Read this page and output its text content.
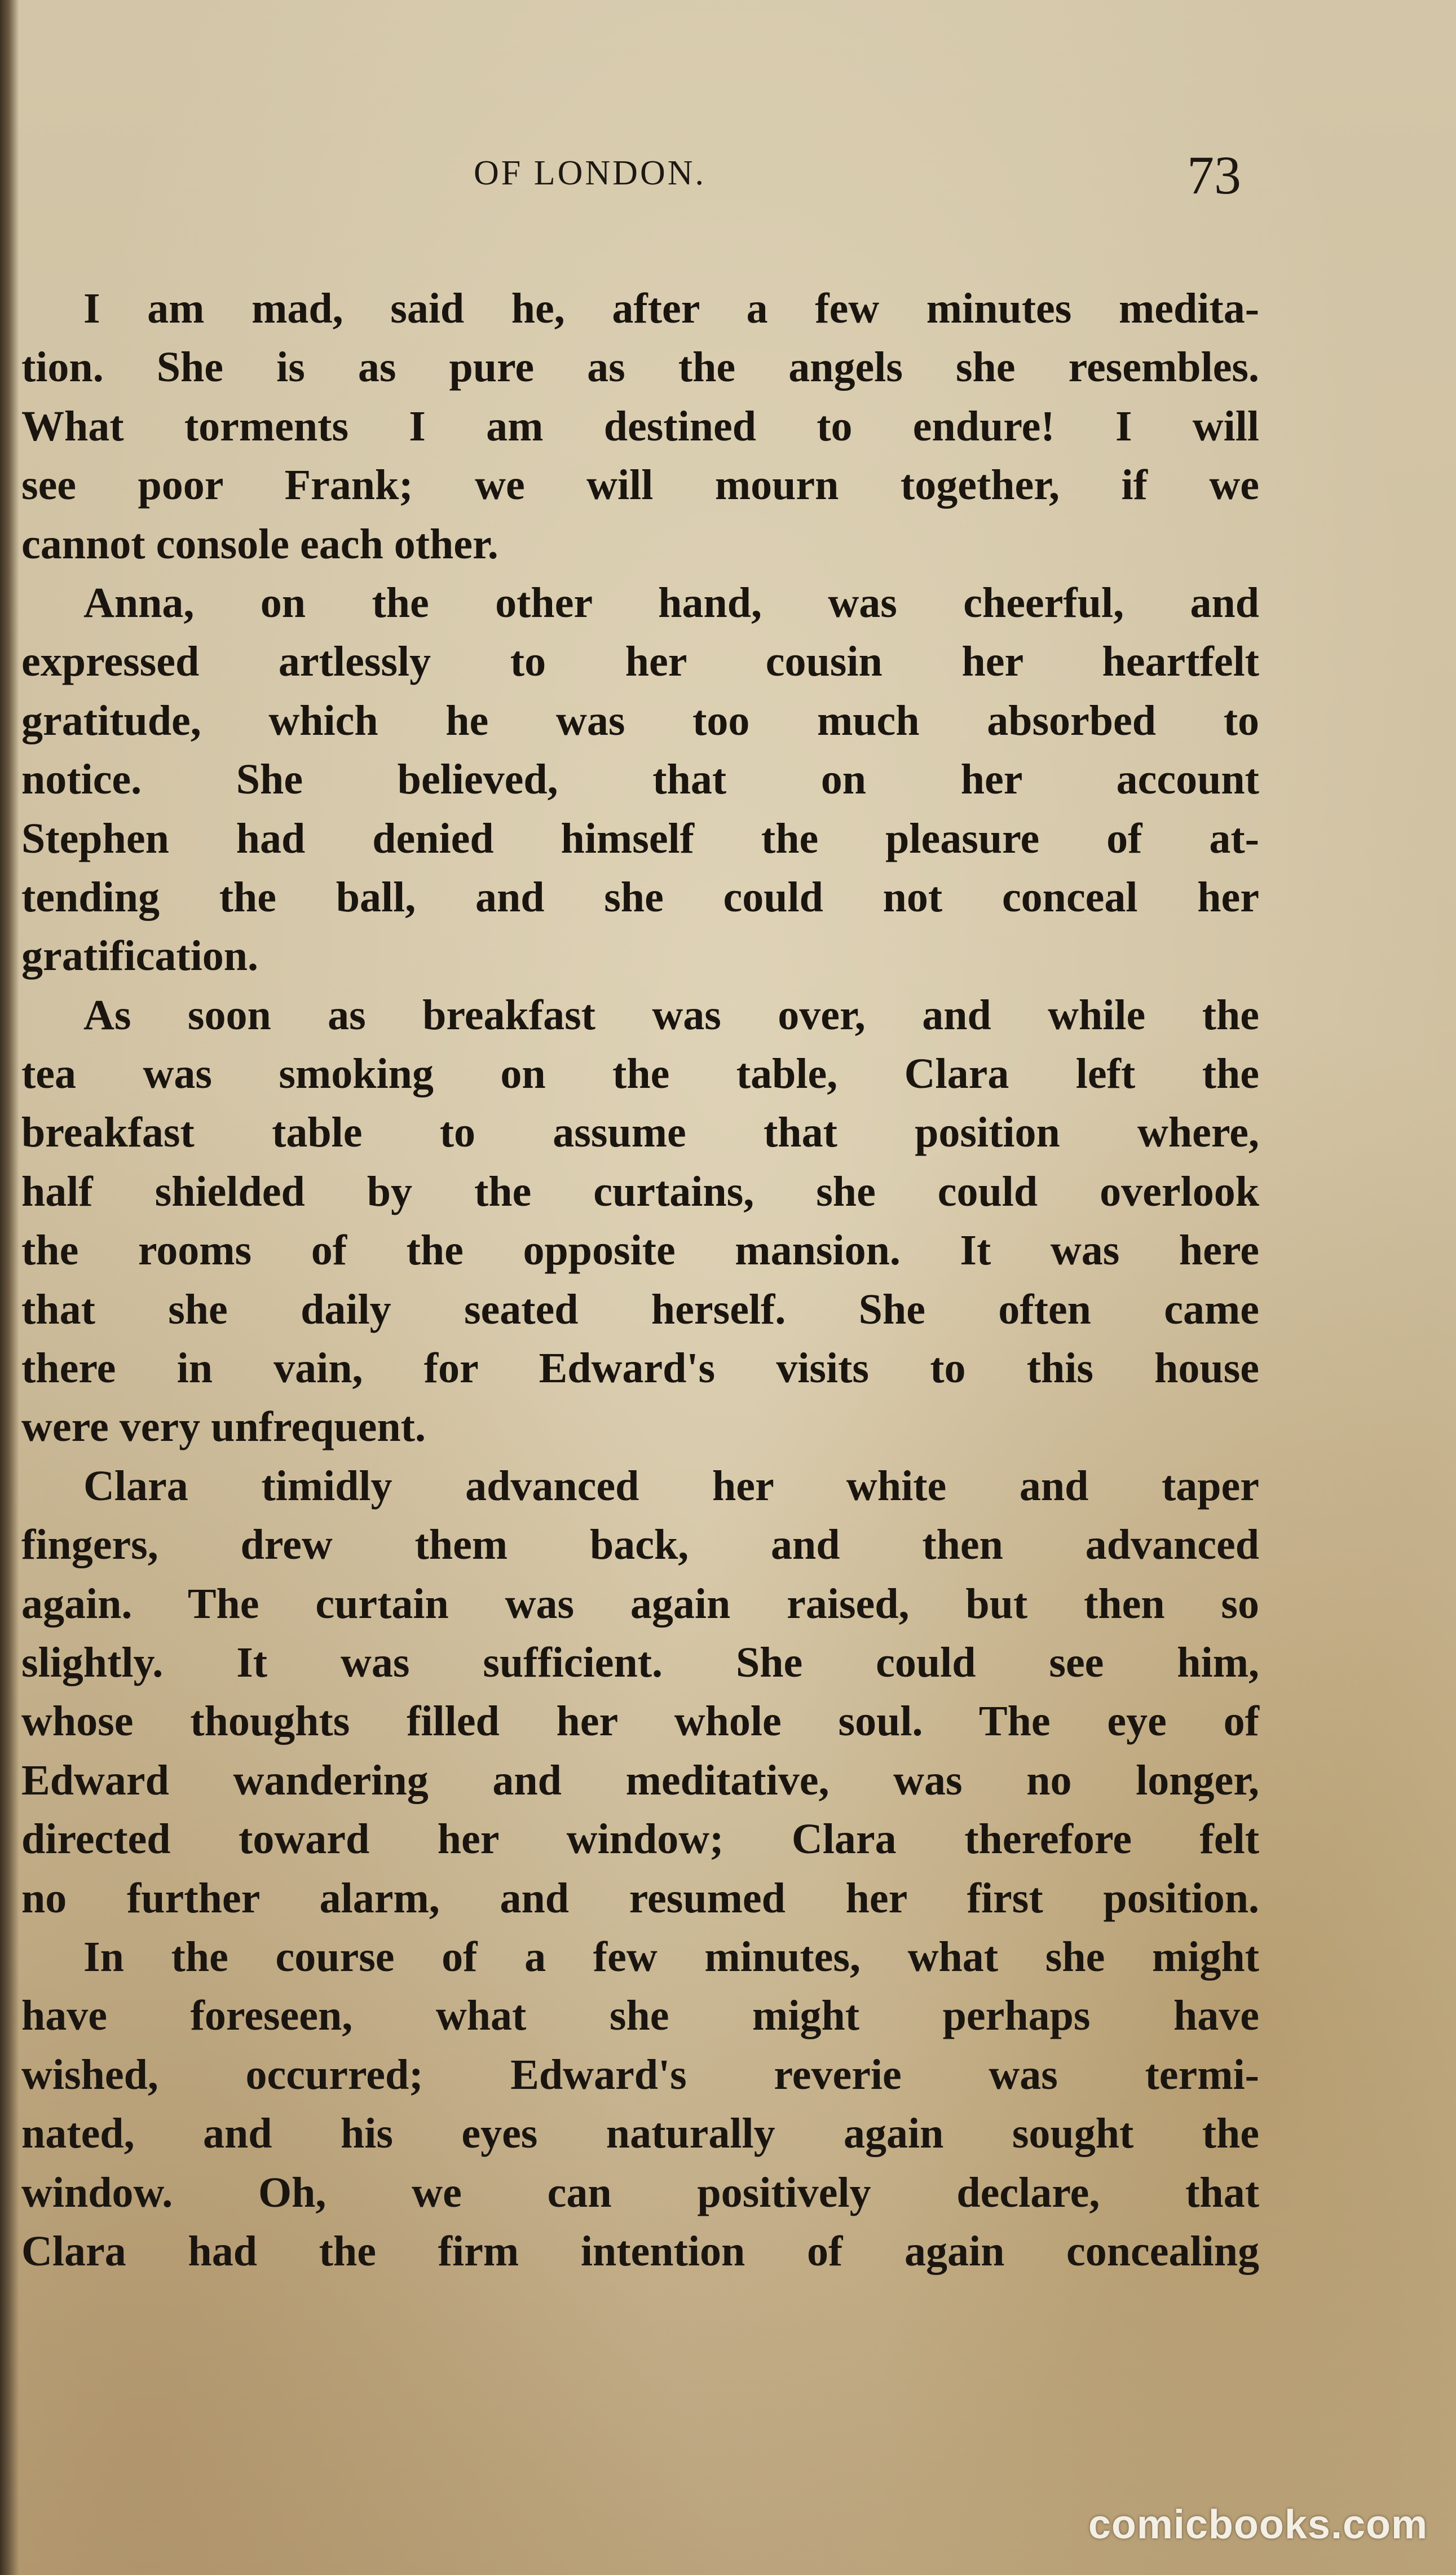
OF LONDON.	73
I am mad, said he, after a few minutes medita-
tion. She is as pure as the angels she resembles.
What torments I am destined to endure! I will
see poor Frank; we will mourn together, if we
cannot console each other.
Anna, on the other hand, was cheerful, and
expressed artlessly to her cousin her heartfelt
gratitude, which he was too much absorbed to
notice. She believed, that on her account
Stephen had denied himself the pleasure of at-
tending the ball, and she could not conceal her
gratification.
As soon as breakfast was over, and while the
tea was smoking on the table, Clara left the
breakfast table to assume that position where,
half shielded by the curtains, she could overlook
the rooms of the opposite mansion. It was here
that she daily seated herself. She often came
there in vain, for Edward's visits to this house
were very unfrequent.
Clara timidly advanced her white and taper
fingers, drew them back, and then advanced
again. The curtain was again raised, but then so
slightly. It was sufficient. She could see him,
whose thoughts filled her whole soul. The eye of
Edward wandering and meditative, was no longer,
directed toward her window; Clara therefore felt
no further alarm, and resumed her first position.
In the course of a few minutes, what she might
have foreseen, what she might perhaps have
wished, occurred; Edward's reverie was termi-
nated, and his eyes naturally again sought the
window. Oh, we can positively declare, that
Clara had the firm intention of again concealing
comicbooks.com
